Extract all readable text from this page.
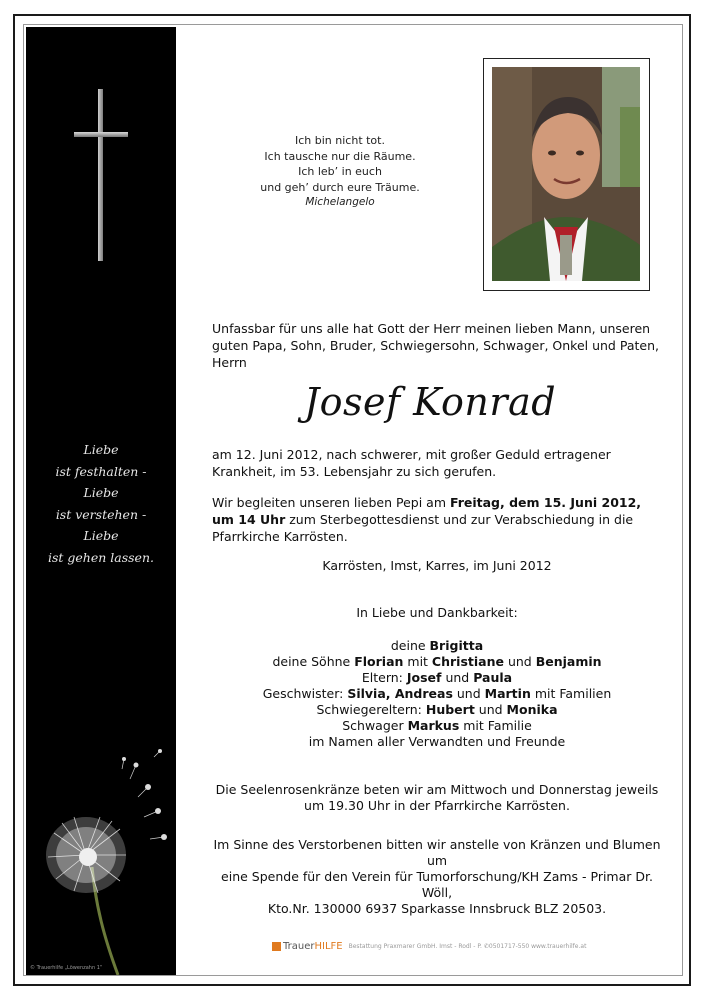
Liebe
ist festhalten -
Liebe
ist verstehen -
Liebe
ist gehen lassen.
© Trauerhilfe „Löwenzahn 1“
Ich bin nicht tot.
Ich tausche nur die Räume.
Ich leb’ in euch
und geh’ durch eure Träume.
Michelangelo
Unfassbar für uns alle hat Gott der Herr meinen lieben Mann, unseren guten Papa, Sohn, Bruder, Schwiegersohn, Schwager, Onkel und Paten, Herrn
Josef Konrad
am 12. Juni 2012, nach schwerer, mit großer Geduld ertragener Krankheit, im 53. Lebensjahr zu sich gerufen.
Wir begleiten unseren lieben Pepi am Freitag, dem 15. Juni 2012, um 14 Uhr zum Sterbegottesdienst und zur Verabschiedung in die Pfarrkirche Karrösten.
Karrösten, Imst, Karres, im Juni 2012
In Liebe und Dankbarkeit:
deine Brigitta
deine Söhne Florian mit Christiane und Benjamin
Eltern: Josef und Paula
Geschwister: Silvia, Andreas und Martin mit Familien
Schwiegereltern: Hubert und Monika
Schwager Markus mit Familie
im Namen aller Verwandten und Freunde
Die Seelenrosenkränze beten wir am Mittwoch und Donnerstag jeweils
um 19.30 Uhr in der Pfarrkirche Karrösten.
Im Sinne des Verstorbenen bitten wir anstelle von Kränzen und Blumen um
eine Spende für den Verein für Tumorforschung/KH Zams - Primar Dr. Wöll,
Kto.Nr. 130000 6937 Sparkasse Innsbruck BLZ 20503.
Trauer HILFE Bestattung Praxmarer GmbH. Imst - Rodl - P. ✆0501717-550 www.trauerhilfe.at
